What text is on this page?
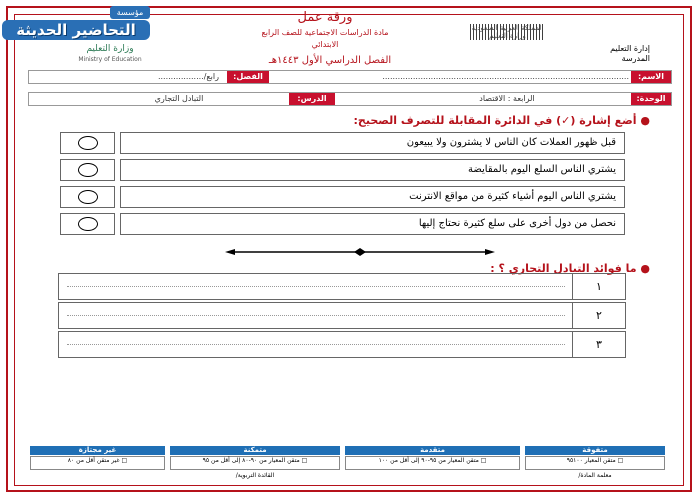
مؤسسة
التحاضير الحديثة
وزارة التعليم
Ministry of Education
ورقة عمل
مادة الدراسات الاجتماعية للصف الرابع
الابتدائي
الفصل الدراسي الأول ١٤٤٣هـ
المملكة العربية السعودية وزارة التعليم
إدارة التعليم
المدرسة
الاسم:
.................................................................................................
الفصل:
رابع/..................
الوحدة:
الرابعة : الاقتصاد
الدرس:
التبادل التجاري
● أضع إشارة (✓) في الدائرة المقابلة للتصرف الصحيح:
قبل ظهور العملات كان الناس لا يشترون ولا يبيعون
يشتري الناس السلع اليوم بالمقايضة
يشتري الناس اليوم أشياء كثيرة من مواقع الانترنت
نحصل من دول أخرى على سلع كثيرة نحتاج إليها
● ما فوائد التبادل التجاري ؟ :
١
٢
٣
متفوقة
متقدمة
متمكنة
غير مجتازة
□ متقن المعيار ٩٥١٠٠
□ متقن المعيار من ٩٥-٩٠ إلى أقل من ١٠٠
□ متقن المعيار من ٩٠-٨٠ إلى أقل من ٩٥
□ غير متقن أقل من ٨٠
معلمة المادة/
القائدة التربوية/
